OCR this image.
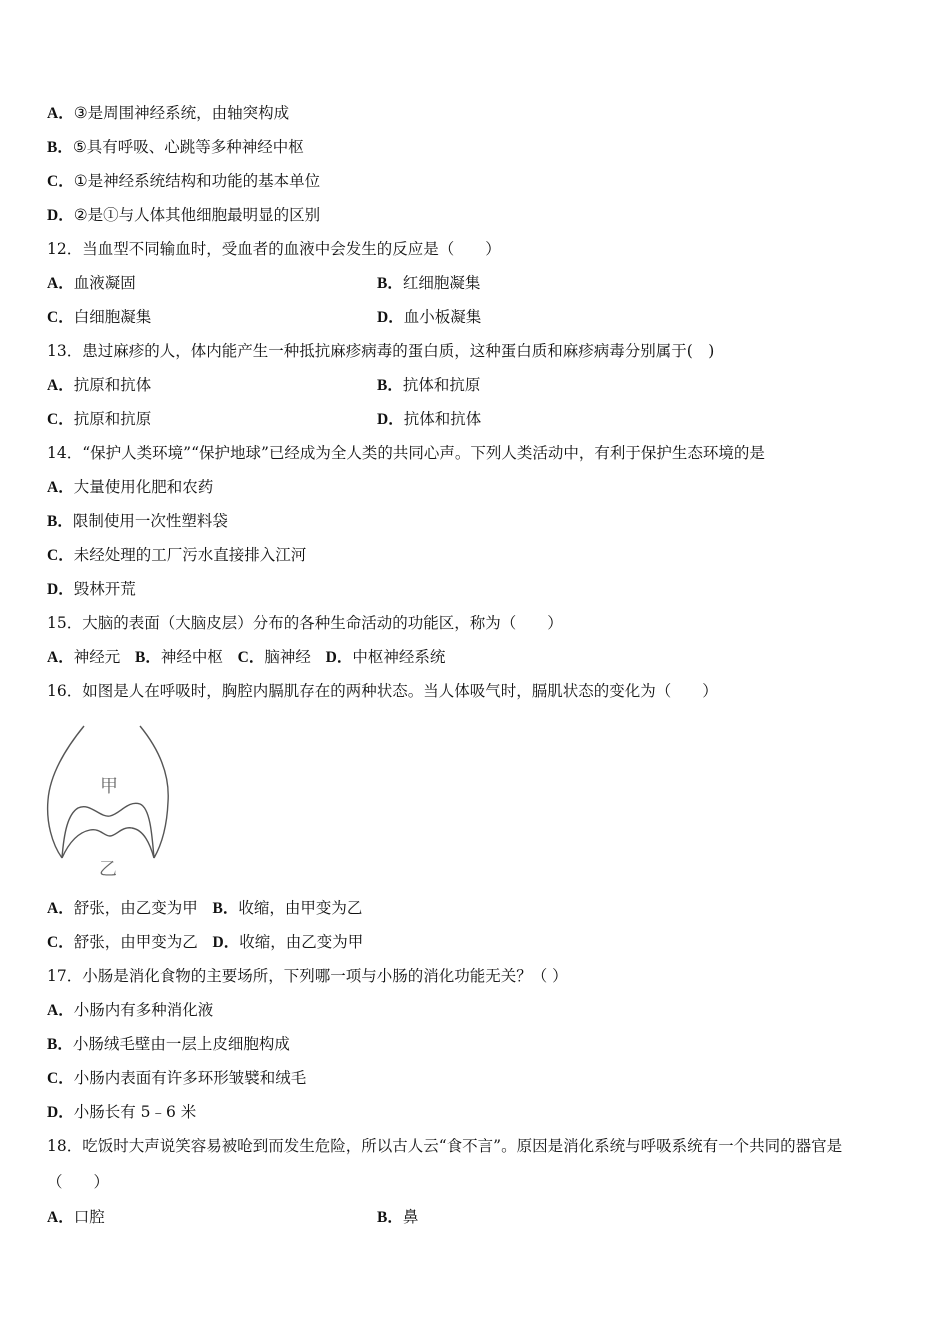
A．③是周围神经系统，由轴突构成
B．⑤具有呼吸、心跳等多种神经中枢
C．①是神经系统结构和功能的基本单位
D．②是①与人体其他细胞最明显的区别
12．当血型不同输血时，受血者的血液中会发生的反应是（　　）
A．血液凝固	B．红细胞凝集
C．白细胞凝集	D．血小板凝集
13．患过麻疹的人，体内能产生一种抵抗麻疹病毒的蛋白质，这种蛋白质和麻疹病毒分别属于(　)
A．抗原和抗体	B．抗体和抗原
C．抗原和抗原	D．抗体和抗体
14．“保护人类环境”“保护地球”已经成为全人类的共同心声。下列人类活动中，有利于保护生态环境的是
A．大量使用化肥和农药
B．限制使用一次性塑料袋
C．未经处理的工厂污水直接排入江河
D．毁林开荒
15．大脑的表面（大脑皮层）分布的各种生命活动的功能区，称为（　　）
A．神经元 B．神经中枢 C．脑神经 D．中枢神经系统
16．如图是人在呼吸时，胸腔内膈肌存在的两种状态。当人体吸气时，膈肌状态的变化为（　　）
甲
乙
A．舒张，由乙变为甲 B．收缩，由甲变为乙
C．舒张，由甲变为乙 D．收缩，由乙变为甲
17．小肠是消化食物的主要场所，下列哪一项与小肠的消化功能无关？（ ）
A．小肠内有多种消化液
B．小肠绒毛壁由一层上皮细胞构成
C．小肠内表面有许多环形皱襞和绒毛
D．小肠长有 5﹣6 米
18．吃饭时大声说笑容易被呛到而发生危险，所以古人云“食不言”。原因是消化系统与呼吸系统有一个共同的器官是
（　　）
A．口腔	B．鼻
